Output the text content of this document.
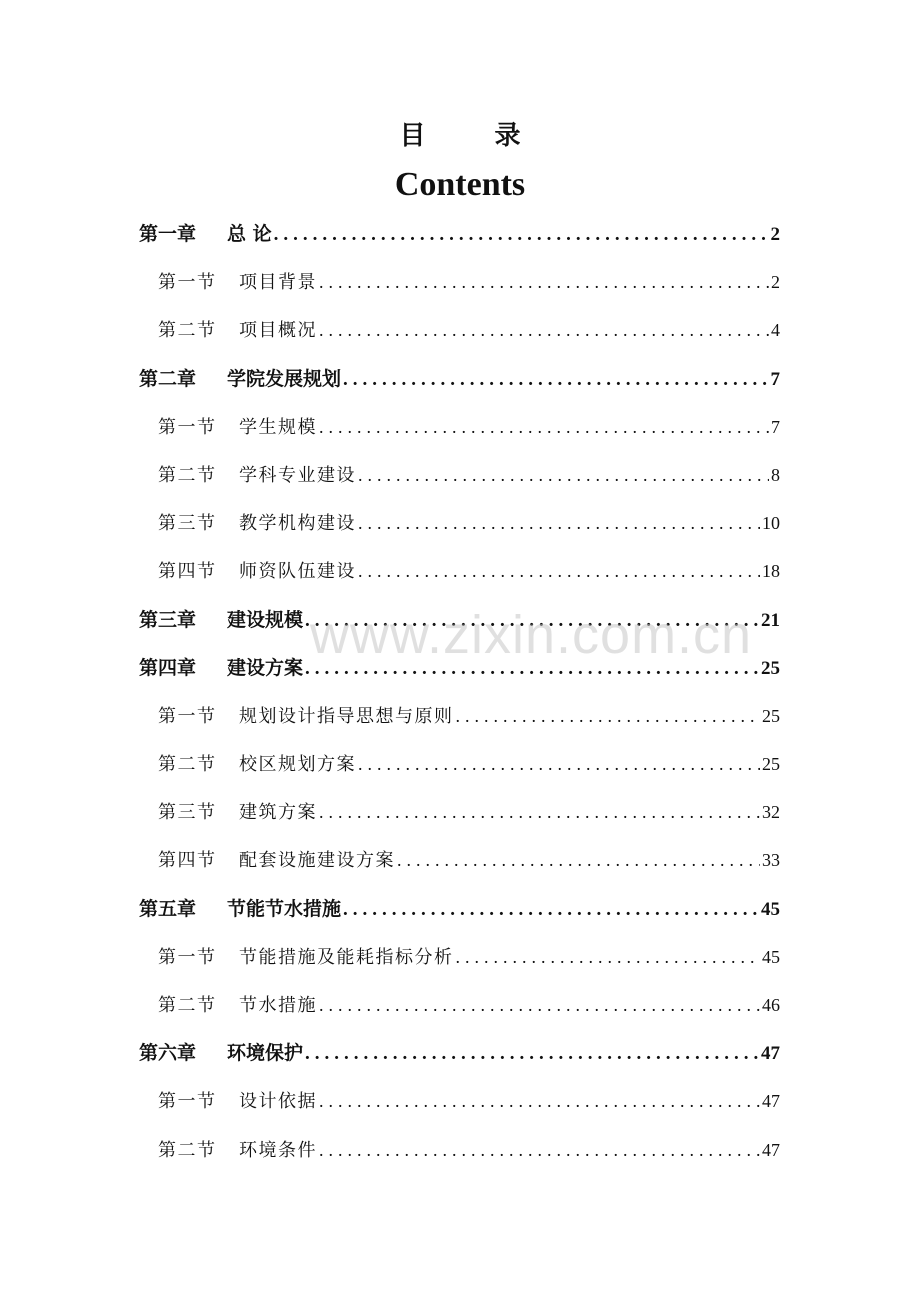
目 录
Contents
第一章	总 论 .....	2
第一节	项目背景 .....	2
第二节	项目概况 .....	4
第二章	学院发展规划 .....	7
第一节	学生规模 .....	7
第二节	学科专业建设 .....	8
第三节	教学机构建设 .....	10
第四节	师资队伍建设 .....	18
第三章	建设规模 .....	21
第四章	建设方案 .....	25
第一节	规划设计指导思想与原则 .....	25
第二节	校区规划方案 .....	25
第三节	建筑方案 .....	32
第四节	配套设施建设方案 .....	33
第五章	节能节水措施 .....	45
第一节	节能措施及能耗指标分析 .....	45
第二节	节水措施 .....	46
第六章	环境保护 .....	47
第一节	设计依据 .....	47
第二节	环境条件 .....	47
www.zixin.com.cn
